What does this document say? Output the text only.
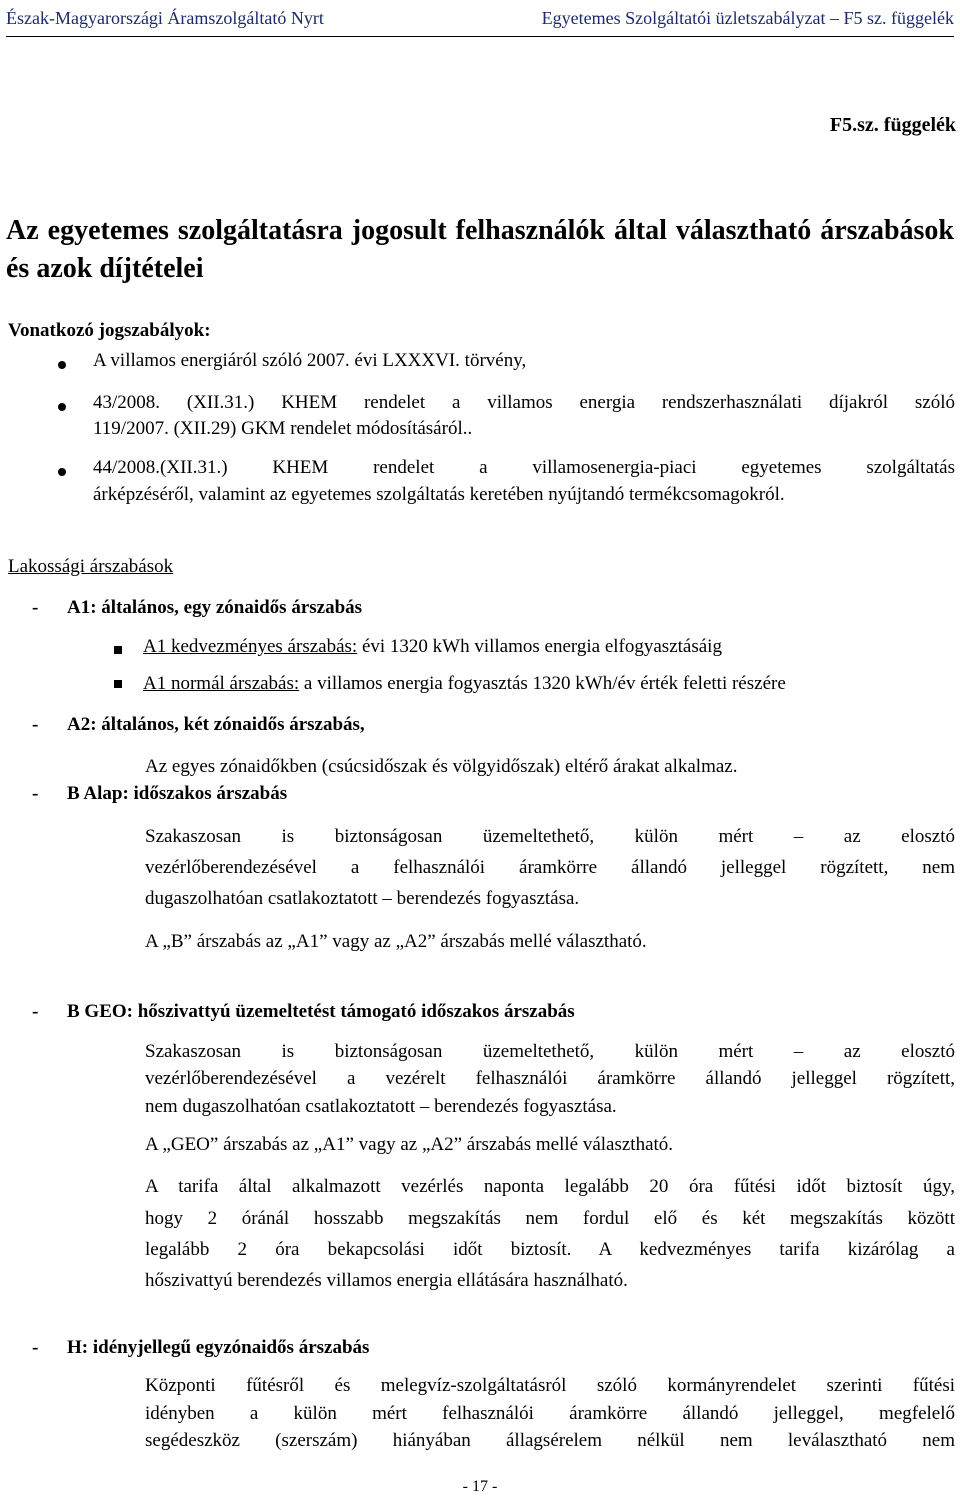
Észak-Magyarországi Áramszolgáltató Nyrt	Egyetemes Szolgáltatói üzletszabályzat – F5 sz. függelék
F5.sz. függelék
Az egyetemes szolgáltatásra jogosult felhasználók által választható árszabások és azok díjtételei
Vonatkozó jogszabályok:
A villamos energiáról szóló 2007. évi LXXXVI. törvény,
43/2008. (XII.31.) KHEM rendelet a villamos energia rendszerhasználati díjakról szóló
119/2007. (XII.29) GKM rendelet módosításáról..
44/2008.(XII.31.) KHEM rendelet a villamosenergia-piaci egyetemes szolgáltatás
árképzéséről, valamint az egyetemes szolgáltatás keretében nyújtandó termékcsomagokról.
Lakossági árszabások
- A1: általános, egy zónaidős árszabás
A1 kedvezményes árszabás: évi 1320 kWh villamos energia elfogyasztásáig
A1 normál árszabás: a villamos energia fogyasztás 1320 kWh/év érték feletti részére
- A2: általános, két zónaidős árszabás,
Az egyes zónaidőkben (csúcsidőszak és völgyidőszak) eltérő árakat alkalmaz.
- B Alap: időszakos árszabás
Szakaszosan is biztonságosan üzemeltethető, külön mért – az elosztó
vezérlőberendezésével a felhasználói áramkörre állandó jelleggel rögzített, nem
dugaszolhatóan csatlakoztatott – berendezés fogyasztása.
A „B” árszabás az „A1” vagy az „A2” árszabás mellé választható.
- B GEO: hőszivattyú üzemeltetést támogató időszakos árszabás
Szakaszosan is biztonságosan üzemeltethető, külön mért – az elosztó
vezérlőberendezésével a vezérelt felhasználói áramkörre állandó jelleggel rögzített,
nem dugaszolhatóan csatlakoztatott – berendezés fogyasztása.
A „GEO” árszabás az „A1” vagy az „A2” árszabás mellé választható.
A tarifa által alkalmazott vezérlés naponta legalább 20 óra fűtési időt biztosít úgy,
hogy 2 óránál hosszabb megszakítás nem fordul elő és két megszakítás között
legalább 2 óra bekapcsolási időt biztosít. A kedvezményes tarifa kizárólag a
hőszivattyú berendezés villamos energia ellátására használható.
- H: idényjellegű egyzónaidős árszabás
Központi fűtésről és melegvíz-szolgáltatásról szóló kormányrendelet szerinti fűtési
idényben a külön mért felhasználói áramkörre állandó jelleggel, megfelelő
segédeszköz (szerszám) hiányában állagsérelem nélkül nem leválasztható nem
- 17 -
